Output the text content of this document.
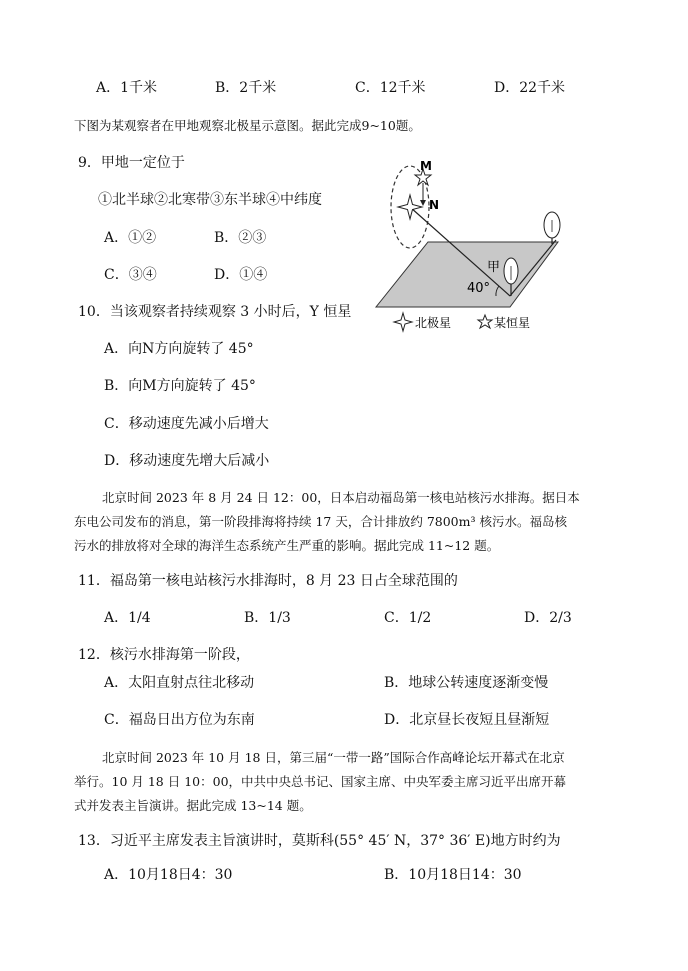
A．1千米	B．2千米	C．12千米	D．22千米
下图为某观察者在甲地观察北极星示意图。据此完成9~10题。
9．甲地一定位于
①北半球②北寒带③东半球④中纬度
A．①②	B．②③
C．③④	D．①④
10．当该观察者持续观察 3 小时后，Y 恒星
A．向N方向旋转了 45°
B．向M方向旋转了 45°
C．移动速度先减小后增大
D．移动速度先增大后减小
M
N
甲
40°
北极星	某恒星
北京时间 2023 年 8 月 24 日 12：00，日本启动福岛第一核电站核污水排海。据日本
东电公司发布的消息，第一阶段排海将持续 17 天，合计排放约 7800m³ 核污水。福岛核
污水的排放将对全球的海洋生态系统产生严重的影响。据此完成 11~12 题。
11．福岛第一核电站核污水排海时，8 月 23 日占全球范围的
A．1/4	B．1/3	C．1/2	D．2/3
12．核污水排海第一阶段，
A．太阳直射点往北移动	B．地球公转速度逐渐变慢
C．福岛日出方位为东南	D．北京昼长夜短且昼渐短
北京时间 2023 年 10 月 18 日，第三届“一带一路”国际合作高峰论坛开幕式在北京
举行。10 月 18 日 10：00，中共中央总书记、国家主席、中央军委主席习近平出席开幕
式并发表主旨演讲。据此完成 13~14 题。
13．习近平主席发表主旨演讲时，莫斯科(55° 45′ N，37° 36′ E)地方时约为
A．10月18日4：30	B．10月18日14：30
